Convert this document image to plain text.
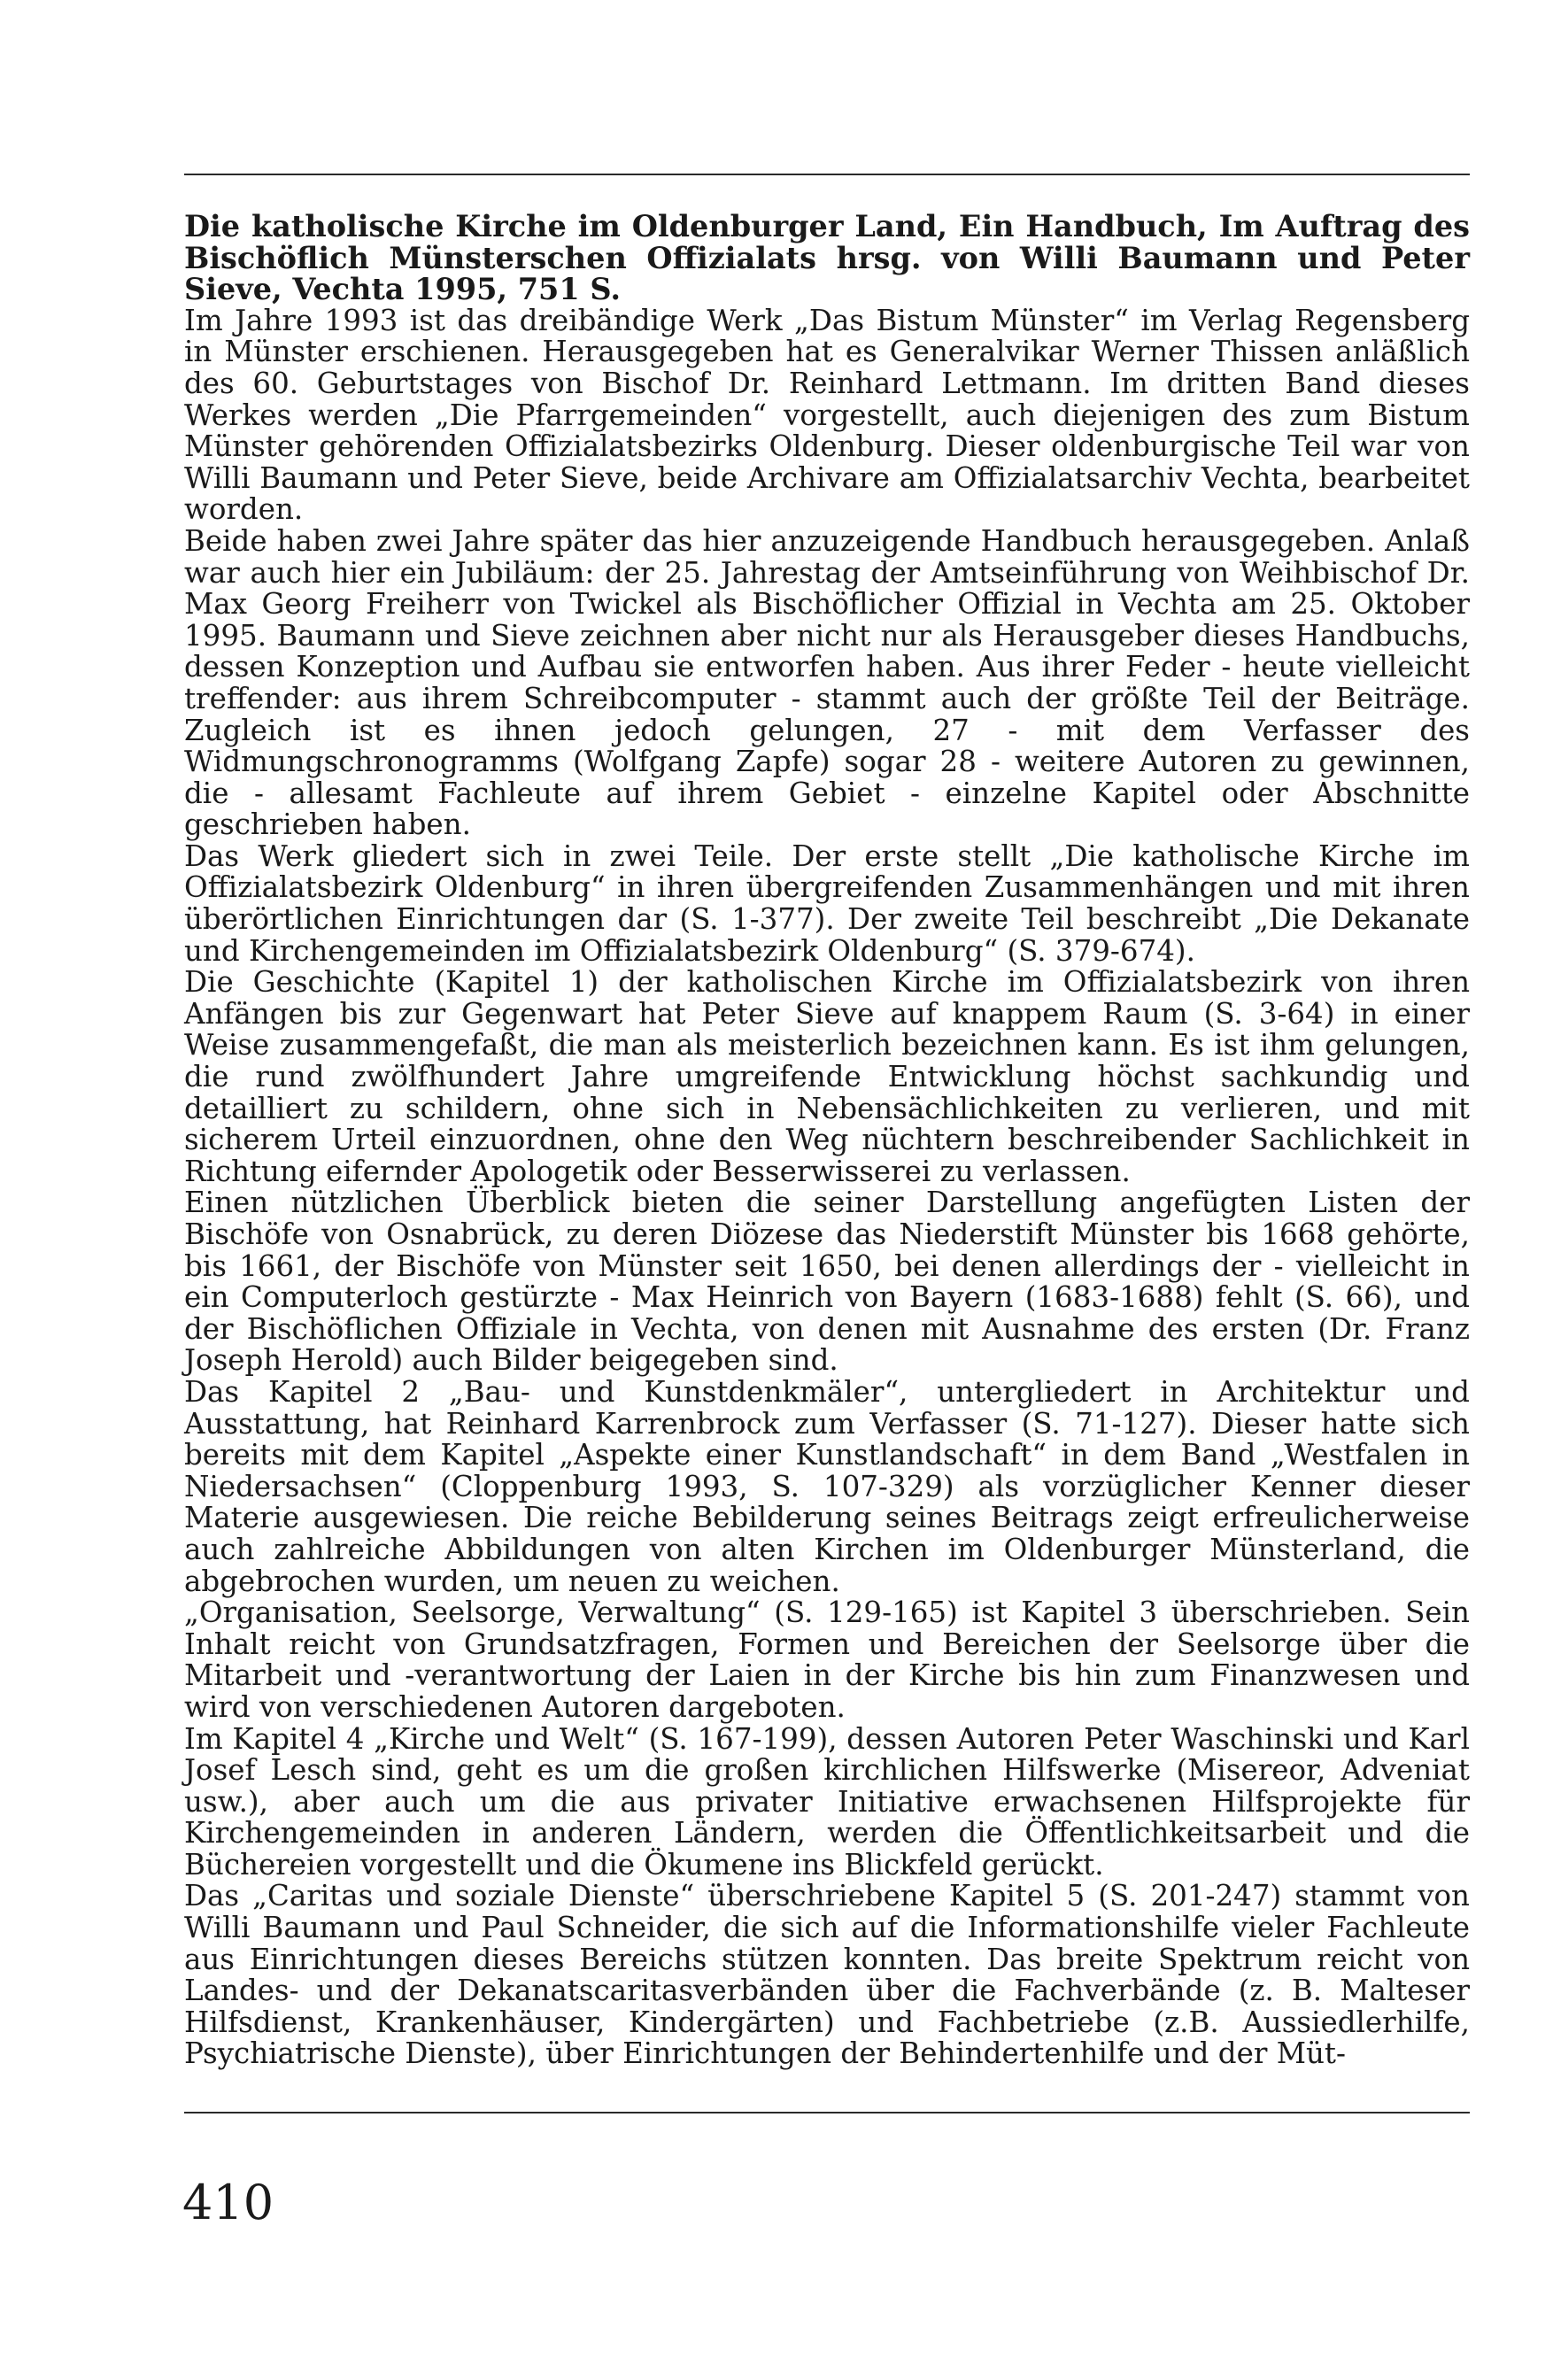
Die katholische Kirche im Oldenburger Land, Ein Handbuch, Im Auftrag des Bischöflich Münsterschen Offizialats hrsg. von Willi Baumann und Peter Sieve, Vechta 1995, 751 S.

Im Jahre 1993 ist das dreibändige Werk „Das Bistum Münster“ im Verlag Regensberg in Münster erschienen. Herausgegeben hat es Generalvikar Werner Thissen anläßlich des 60. Geburtstages von Bischof Dr. Reinhard Lettmann. Im dritten Band dieses Werkes werden „Die Pfarrgemeinden“ vorgestellt, auch diejenigen des zum Bistum Münster gehörenden Offizialatsbezirks Oldenburg. Dieser oldenburgische Teil war von Willi Baumann und Peter Sieve, beide Archivare am Offizialatsarchiv Vechta, bearbeitet worden.

Beide haben zwei Jahre später das hier anzuzeigende Handbuch herausgegeben. Anlaß war auch hier ein Jubiläum: der 25. Jahrestag der Amtseinführung von Weihbischof Dr. Max Georg Freiherr von Twickel als Bischöflicher Offizial in Vechta am 25. Oktober 1995. Baumann und Sieve zeichnen aber nicht nur als Herausgeber dieses Handbuchs, dessen Konzeption und Aufbau sie entworfen haben. Aus ihrer Feder - heute vielleicht treffender: aus ihrem Schreibcomputer - stammt auch der größte Teil der Beiträge. Zugleich ist es ihnen jedoch gelungen, 27 - mit dem Verfasser des Widmungschronogramms (Wolfgang Zapfe) sogar 28 - weitere Autoren zu gewinnen, die - allesamt Fachleute auf ihrem Gebiet - einzelne Kapitel oder Abschnitte geschrieben haben.

Das Werk gliedert sich in zwei Teile. Der erste stellt „Die katholische Kirche im Offizialatsbezirk Oldenburg“ in ihren übergreifenden Zusammenhängen und mit ihren überörtlichen Einrichtungen dar (S. 1-377). Der zweite Teil beschreibt „Die Dekanate und Kirchengemeinden im Offizialatsbezirk Oldenburg“ (S. 379-674).

Die Geschichte (Kapitel 1) der katholischen Kirche im Offizialatsbezirk von ihren Anfängen bis zur Gegenwart hat Peter Sieve auf knappem Raum (S. 3-64) in einer Weise zusammengefaßt, die man als meisterlich bezeichnen kann. Es ist ihm gelungen, die rund zwölfhundert Jahre umgreifende Entwicklung höchst sachkundig und detailliert zu schildern, ohne sich in Nebensächlichkeiten zu verlieren, und mit sicherem Urteil einzuordnen, ohne den Weg nüchtern beschreibender Sachlichkeit in Richtung eifernder Apologetik oder Besserwisserei zu verlassen.

Einen nützlichen Überblick bieten die seiner Darstellung angefügten Listen der Bischöfe von Osnabrück, zu deren Diözese das Niederstift Münster bis 1668 gehörte, bis 1661, der Bischöfe von Münster seit 1650, bei denen allerdings der - vielleicht in ein Computerloch gestürzte - Max Heinrich von Bayern (1683-1688) fehlt (S. 66), und der Bischöflichen Offiziale in Vechta, von denen mit Ausnahme des ersten (Dr. Franz Joseph Herold) auch Bilder beigegeben sind.

Das Kapitel 2 „Bau- und Kunstdenkmäler“, untergliedert in Architektur und Ausstattung, hat Reinhard Karrenbrock zum Verfasser (S. 71-127). Dieser hatte sich bereits mit dem Kapitel „Aspekte einer Kunstlandschaft“ in dem Band „Westfalen in Niedersachsen“ (Cloppenburg 1993, S. 107-329) als vorzüglicher Kenner dieser Materie ausgewiesen. Die reiche Bebilderung seines Beitrags zeigt erfreulicherweise auch zahlreiche Abbildungen von alten Kirchen im Oldenburger Münsterland, die abgebrochen wurden, um neuen zu weichen.

„Organisation, Seelsorge, Verwaltung“ (S. 129-165) ist Kapitel 3 überschrieben. Sein Inhalt reicht von Grundsatzfragen, Formen und Bereichen der Seelsorge über die Mitarbeit und -verantwortung der Laien in der Kirche bis hin zum Finanzwesen und wird von verschiedenen Autoren dargeboten.

Im Kapitel 4 „Kirche und Welt“ (S. 167-199), dessen Autoren Peter Waschinski und Karl Josef Lesch sind, geht es um die großen kirchlichen Hilfswerke (Misereor, Adveniat usw.), aber auch um die aus privater Initiative erwachsenen Hilfsprojekte für Kirchengemeinden in anderen Ländern, werden die Öffentlichkeitsarbeit und die Büchereien vorgestellt und die Ökumene ins Blickfeld gerückt.

Das „Caritas und soziale Dienste“ überschriebene Kapitel 5 (S. 201-247) stammt von Willi Baumann und Paul Schneider, die sich auf die Informationshilfe vieler Fachleute aus Einrichtungen dieses Bereichs stützen konnten. Das breite Spektrum reicht von Landes- und der Dekanatscaritasverbänden über die Fachverbände (z. B. Malteser Hilfsdienst, Krankenhäuser, Kindergärten) und Fachbetriebe (z.B. Aussiedlerhilfe, Psychiatrische Dienste), über Einrichtungen der Behindertenhilfe und der Müt-

410
